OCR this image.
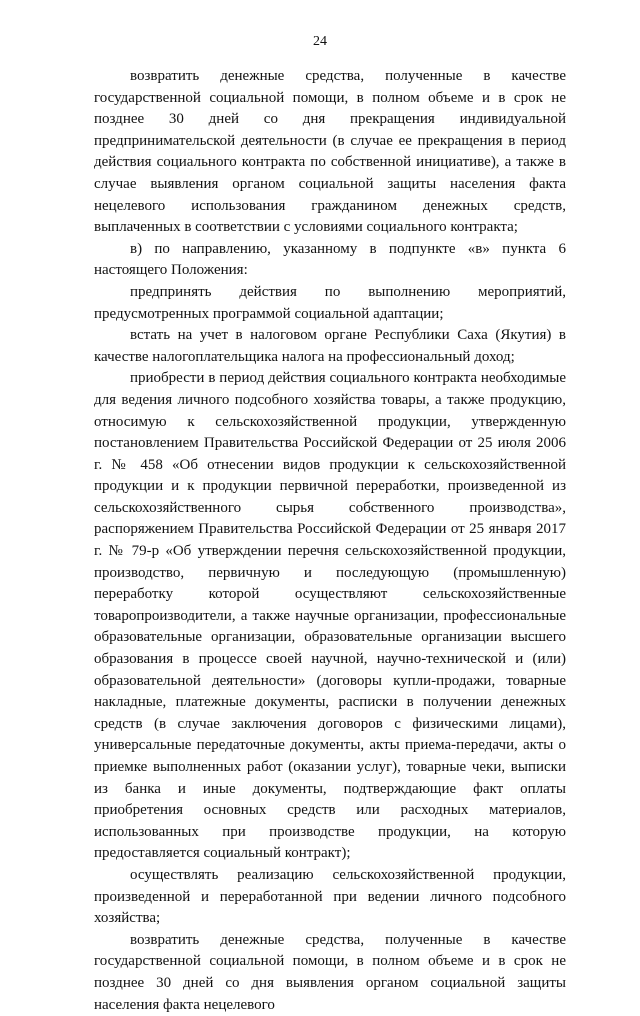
24

возвратить денежные средства, полученные в качестве государственной социальной помощи, в полном объеме и в срок не позднее 30 дней со дня прекращения индивидуальной предпринимательской деятельности (в случае ее прекращения в период действия социального контракта по собственной инициативе), а также в случае выявления органом социальной защиты населения факта нецелевого использования гражданином денежных средств, выплаченных в соответствии с условиями социального контракта;

в) по направлению, указанному в подпункте «в» пункта 6 настоящего Положения:

предпринять действия по выполнению мероприятий, предусмотренных программой социальной адаптации;

встать на учет в налоговом органе Республики Саха (Якутия) в качестве налогоплательщика налога на профессиональный доход;

приобрести в период действия социального контракта необходимые для ведения личного подсобного хозяйства товары, а также продукцию, относимую к сельскохозяйственной продукции, утвержденную постановлением Правительства Российской Федерации от 25 июля 2006 г. № 458 «Об отнесении видов продукции к сельскохозяйственной продукции и к продукции первичной переработки, произведенной из сельскохозяйственного сырья собственного производства», распоряжением Правительства Российской Федерации от 25 января 2017 г. № 79-р «Об утверждении перечня сельскохозяйственной продукции, производство, первичную и последующую (промышленную) переработку которой осуществляют сельскохозяйственные товаропроизводители, а также научные организации, профессиональные образовательные организации, образовательные организации высшего образования в процессе своей научной, научно-технической и (или) образовательной деятельности» (договоры купли-продажи, товарные накладные, платежные документы, расписки в получении денежных средств (в случае заключения договоров с физическими лицами), универсальные передаточные документы, акты приема-передачи, акты о приемке выполненных работ (оказании услуг), товарные чеки, выписки из банка и иные документы, подтверждающие факт оплаты приобретения основных средств или расходных материалов, использованных при производстве продукции, на которую предоставляется социальный контракт);

осуществлять реализацию сельскохозяйственной продукции, произведенной и переработанной при ведении личного подсобного хозяйства;

возвратить денежные средства, полученные в качестве государственной социальной помощи, в полном объеме и в срок не позднее 30 дней со дня выявления органом социальной защиты населения факта нецелевого
